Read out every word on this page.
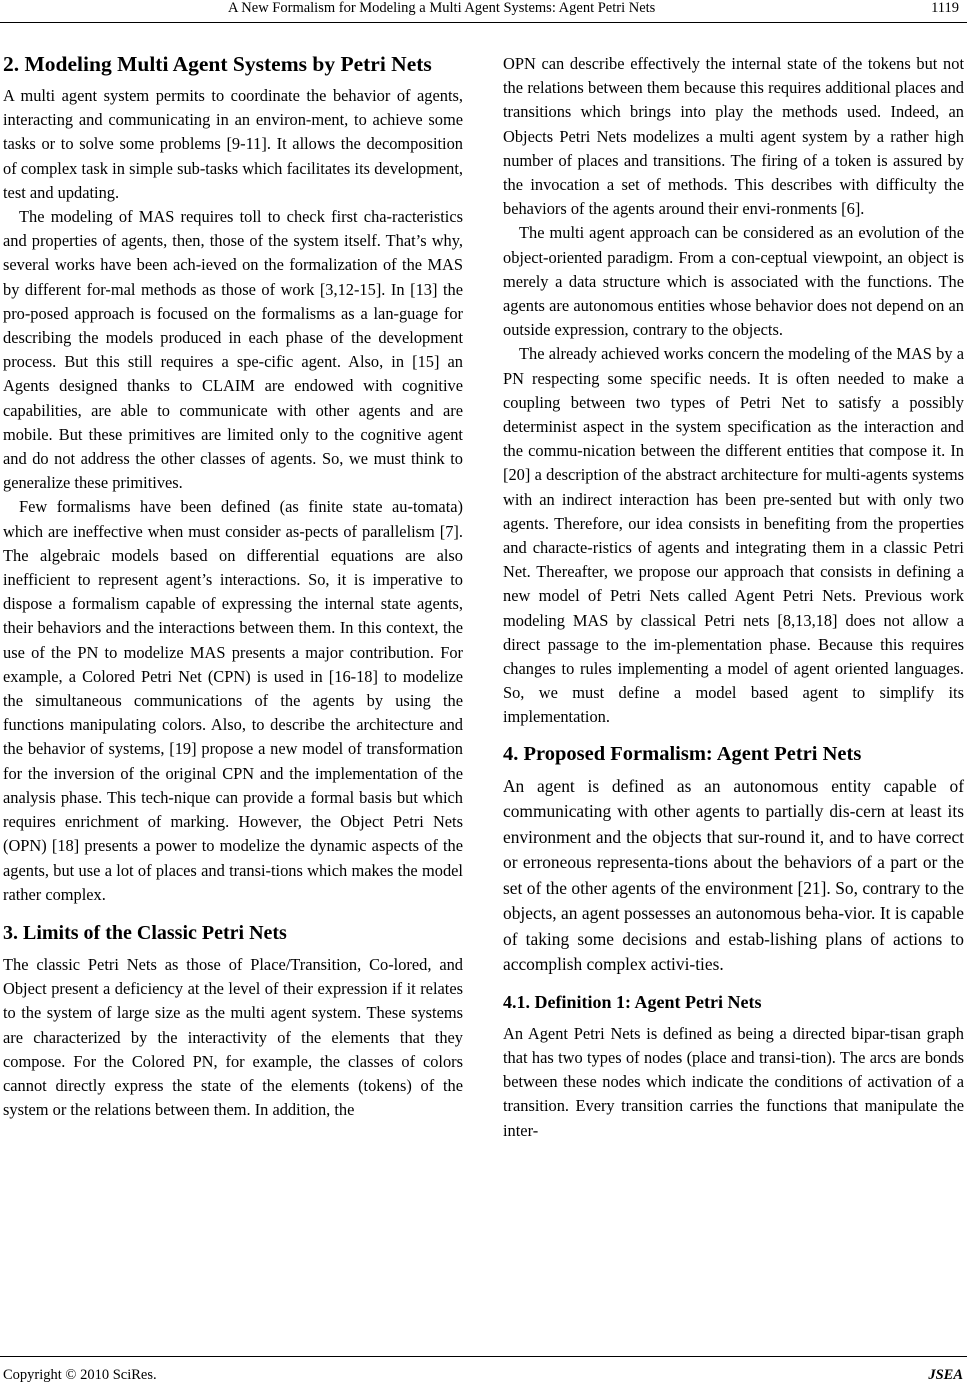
A New Formalism for Modeling a Multi Agent Systems: Agent Petri Nets	1119
2. Modeling Multi Agent Systems by Petri Nets

A multi agent system permits to coordinate the behavior of agents, interacting and communicating in an environ-ment, to achieve some tasks or to solve some problems [9-11]. It allows the decomposition of complex task in simple sub-tasks which facilitates its development, test and updating.

The modeling of MAS requires toll to check first cha-racteristics and properties of agents, then, those of the system itself. That’s why, several works have been ach-ieved on the formalization of the MAS by different for-mal methods as those of work [3,12-15]. In [13] the pro-posed approach is focused on the formalisms as a lan-guage for describing the models produced in each phase of the development process. But this still requires a spe-cific agent. Also, in [15] an Agents designed thanks to CLAIM are endowed with cognitive capabilities, are able to communicate with other agents and are mobile. But these primitives are limited only to the cognitive agent and do not address the other classes of agents. So, we must think to generalize these primitives.

Few formalisms have been defined (as finite state au-tomata) which are ineffective when must consider as-pects of parallelism [7]. The algebraic models based on differential equations are also inefficient to represent agent’s interactions. So, it is imperative to dispose a formalism capable of expressing the internal state agents, their behaviors and the interactions between them. In this context, the use of the PN to modelize MAS presents a major contribution. For example, a Colored Petri Net (CPN) is used in [16-18] to modelize the simultaneous communications of the agents by using the functions manipulating colors. Also, to describe the architecture and the behavior of systems, [19] propose a new model of transformation for the inversion of the original CPN and the implementation of the analysis phase. This tech-nique can provide a formal basis but which requires enrichment of marking. However, the Object Petri Nets (OPN) [18] presents a power to modelize the dynamic aspects of the agents, but use a lot of places and transi-tions which makes the model rather complex.

3. Limits of the Classic Petri Nets

The classic Petri Nets as those of Place/Transition, Co-lored, and Object present a deficiency at the level of their expression if it relates to the system of large size as the multi agent system. These systems are characterized by the interactivity of the elements that they compose. For the Colored PN, for example, the classes of colors cannot directly express the state of the elements (tokens) of the system or the relations between them. In addition, the

OPN can describe effectively the internal state of the tokens but not the relations between them because this requires additional places and transitions which brings into play the methods used. Indeed, an Objects Petri Nets modelizes a multi agent system by a rather high number of places and transitions. The firing of a token is assured by the invocation a set of methods. This describes with difficulty the behaviors of the agents around their envi-ronments [6].

The multi agent approach can be considered as an evolution of the object-oriented paradigm. From a con-ceptual viewpoint, an object is merely a data structure which is associated with the functions. The agents are autonomous entities whose behavior does not depend on an outside expression, contrary to the objects.

The already achieved works concern the modeling of the MAS by a PN respecting some specific needs. It is often needed to make a coupling between two types of Petri Net to satisfy a possibly determinist aspect in the system specification as the interaction and the commu-nication between the different entities that compose it. In [20] a description of the abstract architecture for multi-agents systems with an indirect interaction has been pre-sented but with only two agents. Therefore, our idea consists in benefiting from the properties and characte-ristics of agents and integrating them in a classic Petri Net. Thereafter, we propose our approach that consists in defining a new model of Petri Nets called Agent Petri Nets. Previous work modeling MAS by classical Petri nets [8,13,18] does not allow a direct passage to the im-plementation phase. Because this requires changes to rules implementing a model of agent oriented languages. So, we must define a model based agent to simplify its implementation.

4. Proposed Formalism: Agent Petri Nets

An agent is defined as an autonomous entity capable of communicating with other agents to partially dis-cern at least its environment and the objects that sur-round it, and to have correct or erroneous representa-tions about the behaviors of a part or the set of the other agents of the environment [21]. So, contrary to the objects, an agent possesses an autonomous beha-vior. It is capable of taking some decisions and estab-lishing plans of actions to accomplish complex activi-ties.

4.1. Definition 1: Agent Petri Nets

An Agent Petri Nets is defined as being a directed bipar-tisan graph that has two types of nodes (place and transi-tion). The arcs are bonds between these nodes which indicate the conditions of activation of a transition. Every transition carries the functions that manipulate the inter-

Copyright © 2010 SciRes.	JSEA
